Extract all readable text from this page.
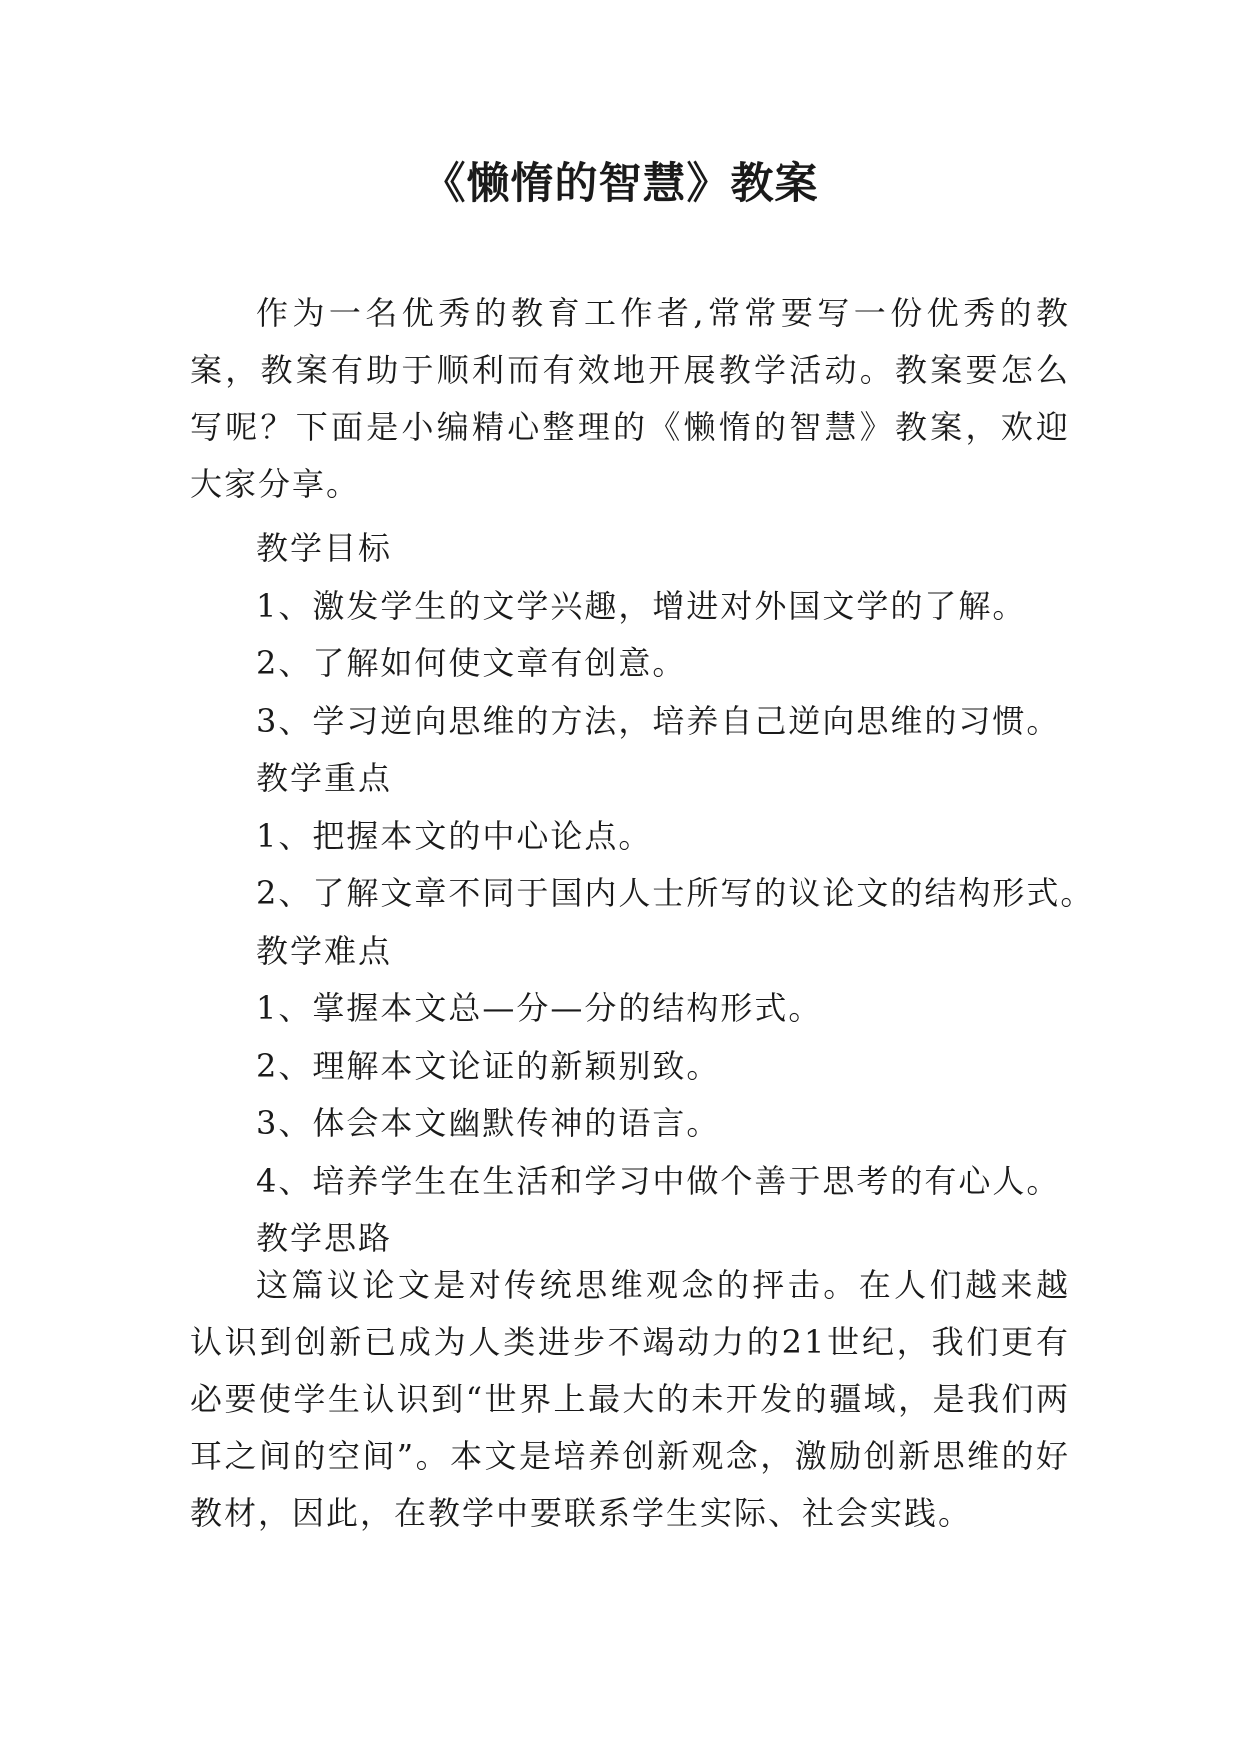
《懒惰的智慧》教案

作为一名优秀的教育工作者,常常要写一份优秀的教案，教案有助于顺利而有效地开展教学活动。教案要怎么写呢？下面是小编精心整理的《懒惰的智慧》教案，欢迎大家分享。

教学目标
1、激发学生的文学兴趣，增进对外国文学的了解。
2、了解如何使文章有创意。
3、学习逆向思维的方法，培养自己逆向思维的习惯。
教学重点
1、把握本文的中心论点。
2、了解文章不同于国内人士所写的议论文的结构形式。
教学难点
1、掌握本文总—分—分的结构形式。
2、理解本文论证的新颖别致。
3、体会本文幽默传神的语言。
4、培养学生在生活和学习中做个善于思考的有心人。
教学思路

这篇议论文是对传统思维观念的抨击。在人们越来越认识到创新已成为人类进步不竭动力的21世纪，我们更有必要使学生认识到“世界上最大的未开发的疆域，是我们两耳之间的空间”。本文是培养创新观念，激励创新思维的好教材，因此，在教学中要联系学生实际、社会实践。
